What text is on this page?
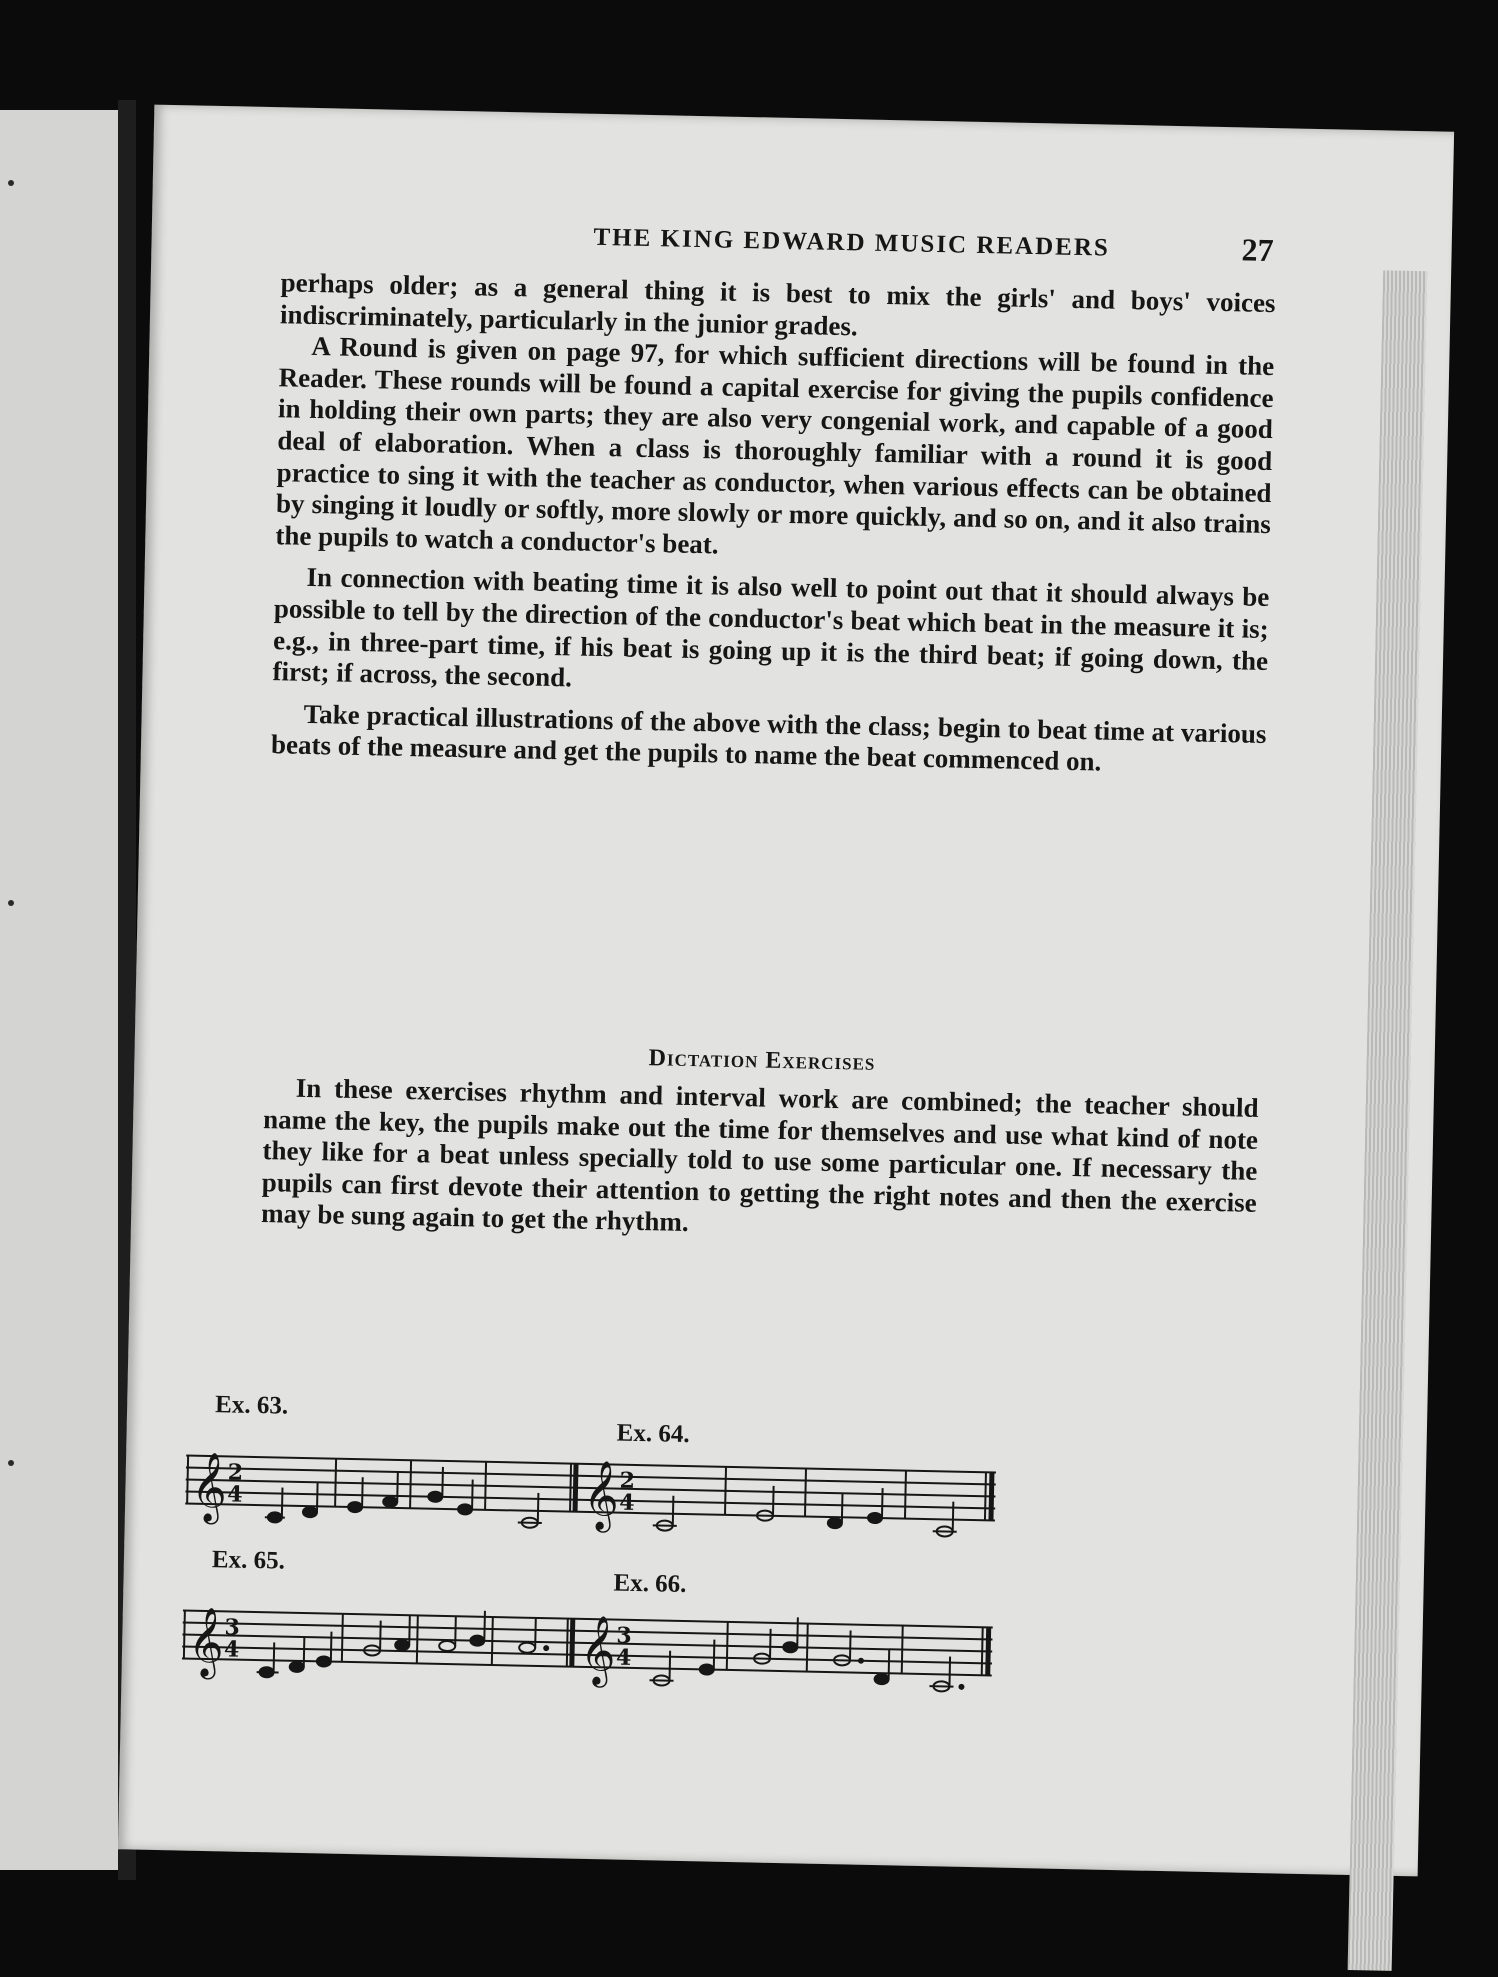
THE KING EDWARD MUSIC READERS	27

perhaps older; as a general thing it is best to mix the girls' and boys' voices indiscriminately, particularly in the junior grades.

A Round is given on page 97, for which sufficient directions will be found in the Reader. These rounds will be found a capital exercise for giving the pupils confidence in holding their own parts; they are also very congenial work, and capable of a good deal of elaboration. When a class is thoroughly familiar with a round it is good practice to sing it with the teacher as conductor, when various effects can be obtained by singing it loudly or softly, more slowly or more quickly, and so on, and it also trains the pupils to watch a conductor's beat.

In connection with beating time it is also well to point out that it should always be possible to tell by the direction of the conductor's beat which beat in the measure it is; e.g., in three-part time, if his beat is going up it is the third beat; if going down, the first; if across, the second.

Take practical illustrations of the above with the class; begin to beat time at various beats of the measure and get the pupils to name the beat commenced on.

Dictation Exercises

In these exercises rhythm and interval work are combined; the teacher should name the key, the pupils make out the time for themselves and use what kind of note they like for a beat unless specially told to use some particular one. If necessary the pupils can first devote their attention to getting the right notes and then the exercise may be sung again to get the rhythm.

Ex. 63.
Ex. 64.
Ex. 65.
Ex. 66.
𝄞	𝄞
2
4
2
4
𝄞	𝄞
3
4
3
4
